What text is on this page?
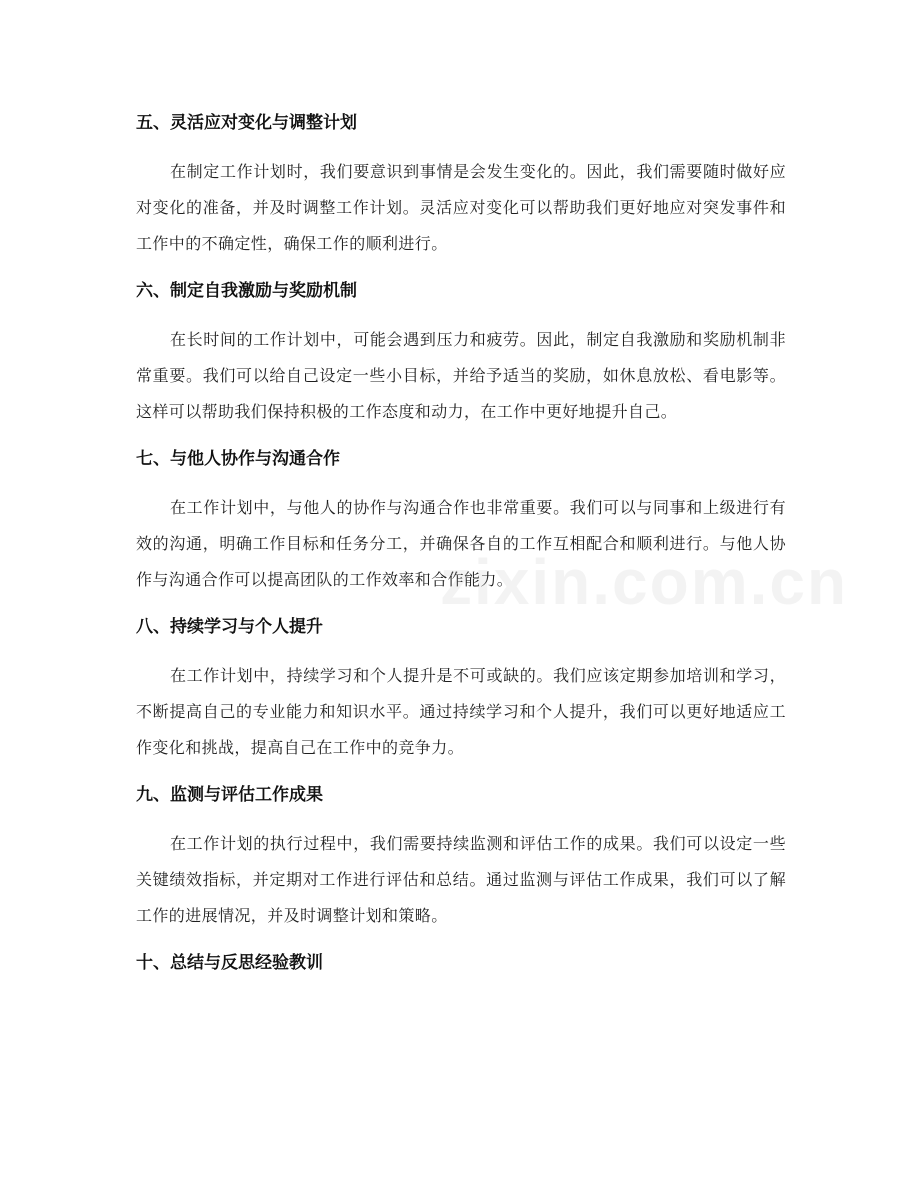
五、灵活应对变化与调整计划

在制定工作计划时，我们要意识到事情是会发生变化的。因此，我们需要随时做好应对变化的准备，并及时调整工作计划。灵活应对变化可以帮助我们更好地应对突发事件和工作中的不确定性，确保工作的顺利进行。

六、制定自我激励与奖励机制

在长时间的工作计划中，可能会遇到压力和疲劳。因此，制定自我激励和奖励机制非常重要。我们可以给自己设定一些小目标，并给予适当的奖励，如休息放松、看电影等。这样可以帮助我们保持积极的工作态度和动力，在工作中更好地提升自己。

七、与他人协作与沟通合作

在工作计划中，与他人的协作与沟通合作也非常重要。我们可以与同事和上级进行有效的沟通，明确工作目标和任务分工，并确保各自的工作互相配合和顺利进行。与他人协作与沟通合作可以提高团队的工作效率和合作能力。

八、持续学习与个人提升

在工作计划中，持续学习和个人提升是不可或缺的。我们应该定期参加培训和学习，不断提高自己的专业能力和知识水平。通过持续学习和个人提升，我们可以更好地适应工作变化和挑战，提高自己在工作中的竞争力。

九、监测与评估工作成果

在工作计划的执行过程中，我们需要持续监测和评估工作的成果。我们可以设定一些关键绩效指标，并定期对工作进行评估和总结。通过监测与评估工作成果，我们可以了解工作的进展情况，并及时调整计划和策略。

十、总结与反思经验教训
zixin.com.cn
